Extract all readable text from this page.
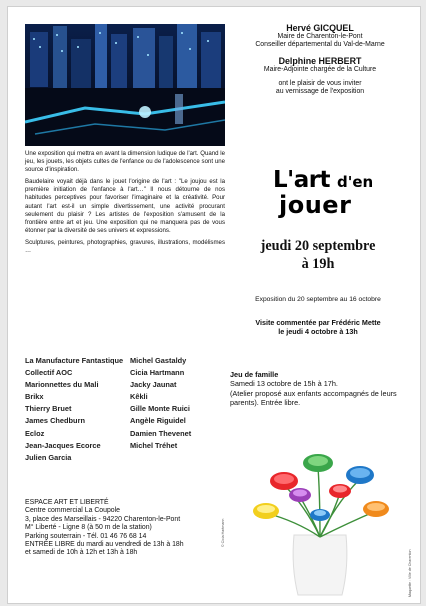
Une exposition qui mettra en avant la dimension ludique de l'art. Quand le jeu, les jouets, les objets cultes de l'enfance ou de l'adolescence sont une source d'inspiration.

Baudelaire voyait déjà dans le jouet l'origine de l'art : "Le joujou est la première initiation de l'enfance à l'art…" Il nous détourne de nos habitudes perceptives pour favoriser l'imaginaire et la créativité. Pour autant l'art est-il un simple divertissement, une activité procurant seulement du plaisir ? Les artistes de l'exposition s'amusent de la frontière entre art et jeu. Une exposition qui ne manquera pas de vous étonner par la diversité de ses univers et expressions.

Sculptures, peintures, photographies, gravures, illustrations, modélismes …

La Manufacture Fantastique
Collectif AOC
Marionnettes du Mali
Brikx
Thierry Bruet
James Chedburn
Ecloz
Jean-Jacques Ecorce
Julien Garcia
Michel Gastaldy
Cicia Hartmann
Jacky Jaunat
Kêkli
Gille Monte Ruici
Angèle Riguidel
Damien Thevenet
Michel Tréhet
ESPACE ART ET LIBERTÉ
Centre commercial La Coupole
3, place des Marseillais - 94220 Charenton-le-Pont
M° Liberté - Ligne 8 (à 50 m de la station)
Parking souterrain - Tél. 01 46 76 68 14
ENTRÉE LIBRE du mardi au vendredi de 13h à 18h
et samedi de 10h à 12h et 13h à 18h
Hervé GICQUEL
Maire de Charenton-le-Pont
Conseiller départemental du Val-de-Marne
Delphine HERBERT
Maire-Adjointe chargée de la Culture
ont le plaisir de vous inviter
au vernissage de l'exposition
L'art d'en
jouer
jeudi 20 septembre
à 19h
Exposition du 20 septembre au 16 octobre
Visite commentée par Frédéric Mette
le jeudi 4 octobre à 13h
Jeu de famille
Samedi 13 octobre de 15h à 17h.
(Atelier proposé aux enfants accompagnés de leurs parents). Entrée libre.
© Cicia Hartmann
Maquette : Ville de Charenton
